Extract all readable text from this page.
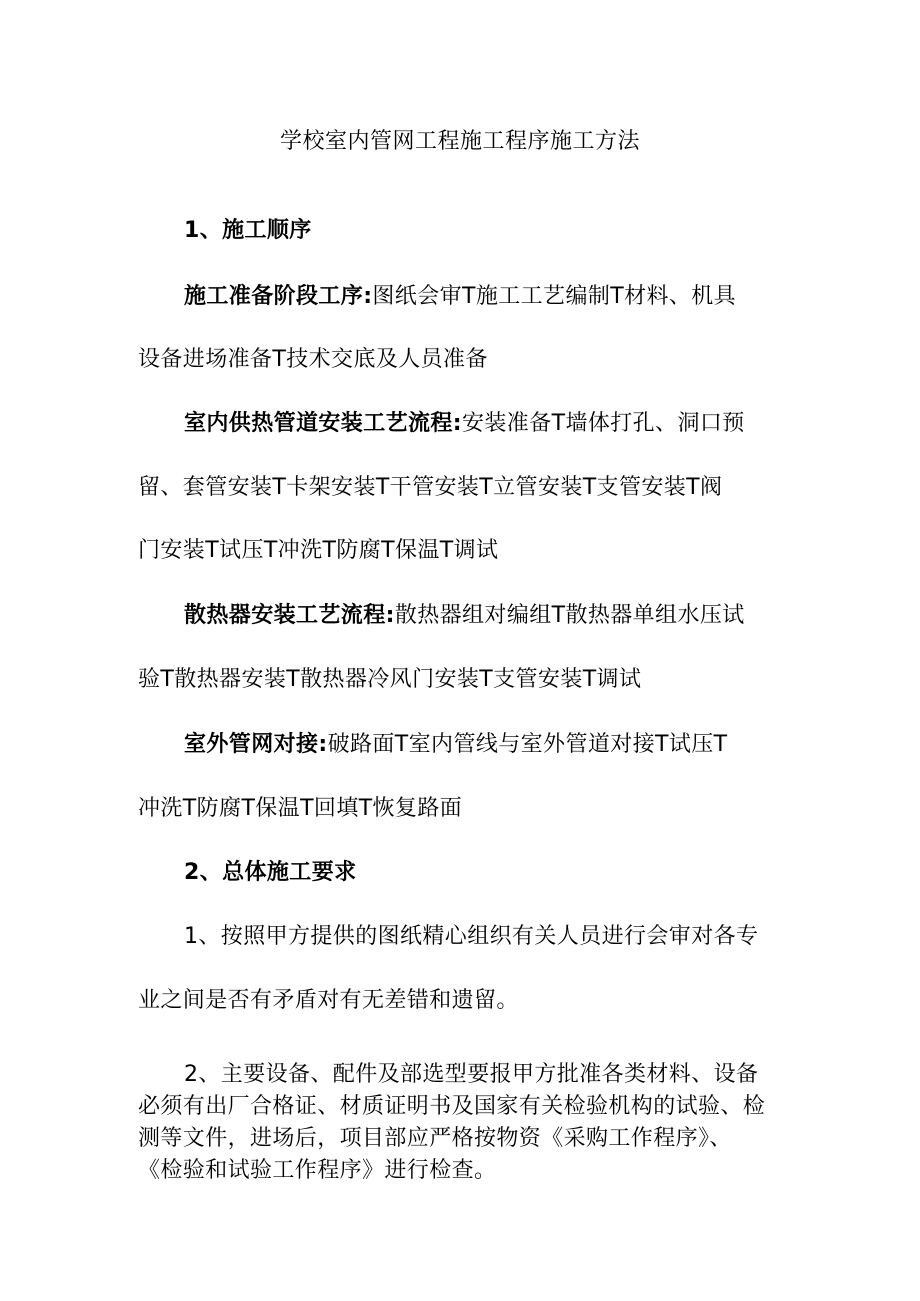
学校室内管网工程施工程序施工方法
1、施工顺序
施工准备阶段工序:图纸会审T施工工艺编制T材料、机具
设备进场准备T技术交底及人员准备
室内供热管道安装工艺流程:安装准备T墙体打孔、洞口预
留、套管安装T卡架安装T干管安装T立管安装T支管安装T阀
门安装T试压T冲洗T防腐T保温T调试
散热器安装工艺流程:散热器组对编组T散热器单组水压试
验T散热器安装T散热器冷风门安装T支管安装T调试
室外管网对接:破路面T室内管线与室外管道对接T试压T
冲洗T防腐T保温T回填T恢复路面
2、总体施工要求
1、按照甲方提供的图纸精心组织有关人员进行会审对各专
业之间是否有矛盾对有无差错和遗留。
2、主要设备、配件及部选型要报甲方批准各类材料、设备
必须有出厂合格证、材质证明书及国家有关检验机构的试验、检
测等文件，进场后，项目部应严格按物资《采购工作程序》、
《检验和试验工作程序》进行检查。
